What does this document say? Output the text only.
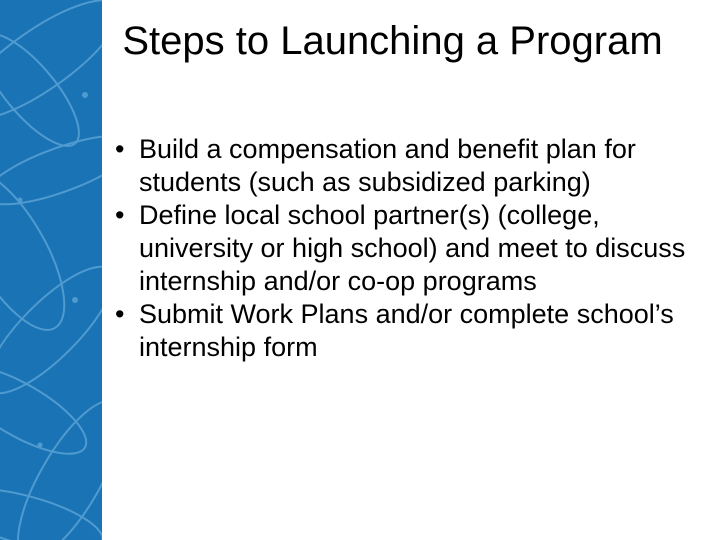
Steps to Launching a Program
• Build a compensation and benefit plan for students (such as subsidized parking)
• Define local school partner(s) (college, university or high school) and meet to discuss internship and/or co-op programs
• Submit Work Plans and/or complete school’s internship form
